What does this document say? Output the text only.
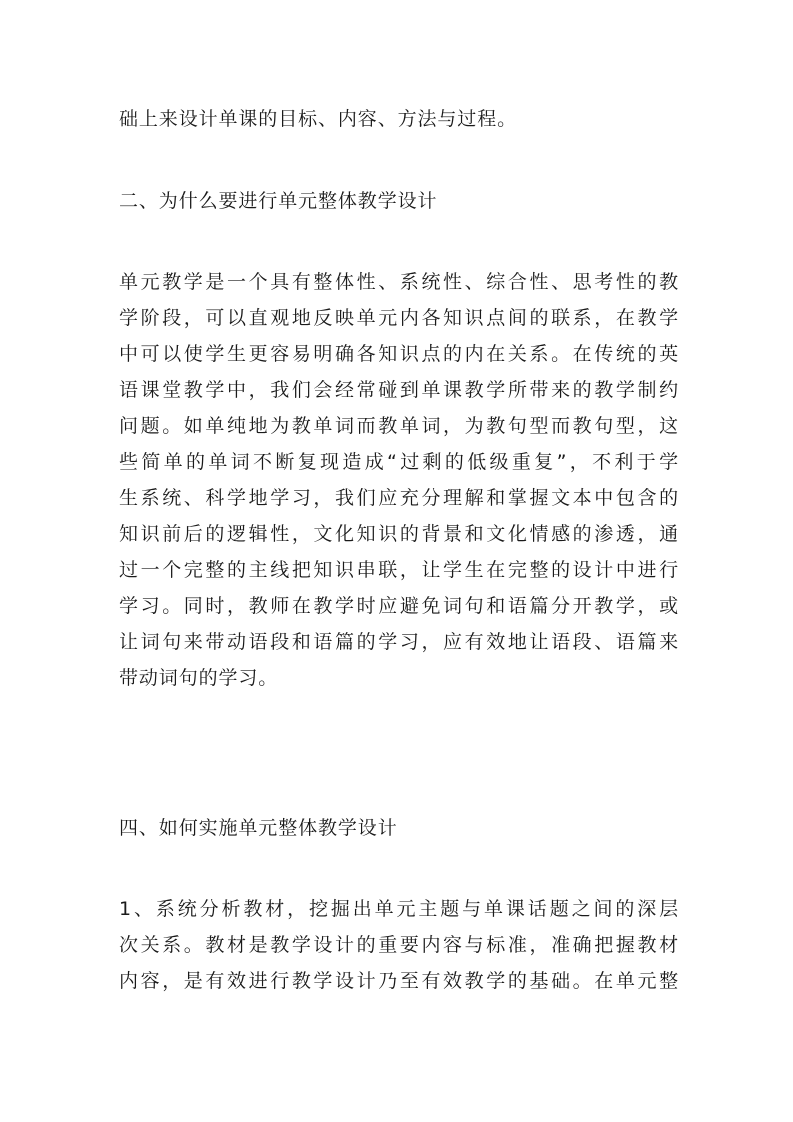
础上来设计单课的目标、内容、方法与过程。

二、为什么要进行单元整体教学设计

单元教学是一个具有整体性、系统性、综合性、思考性的教
学阶段，可以直观地反映单元内各知识点间的联系，在教学
中可以使学生更容易明确各知识点的内在关系。在传统的英
语课堂教学中，我们会经常碰到单课教学所带来的教学制约
问题。如单纯地为教单词而教单词，为教句型而教句型，这
些简单的单词不断复现造成“过剩的低级重复”，不利于学
生系统、科学地学习，我们应充分理解和掌握文本中包含的
知识前后的逻辑性，文化知识的背景和文化情感的渗透，通
过一个完整的主线把知识串联，让学生在完整的设计中进行
学习。同时，教师在教学时应避免词句和语篇分开教学，或
让词句来带动语段和语篇的学习，应有效地让语段、语篇来
带动词句的学习。

四、如何实施单元整体教学设计

1、系统分析教材，挖掘出单元主题与单课话题之间的深层
次关系。教材是教学设计的重要内容与标准，准确把握教材
内容，是有效进行教学设计乃至有效教学的基础。在单元整
